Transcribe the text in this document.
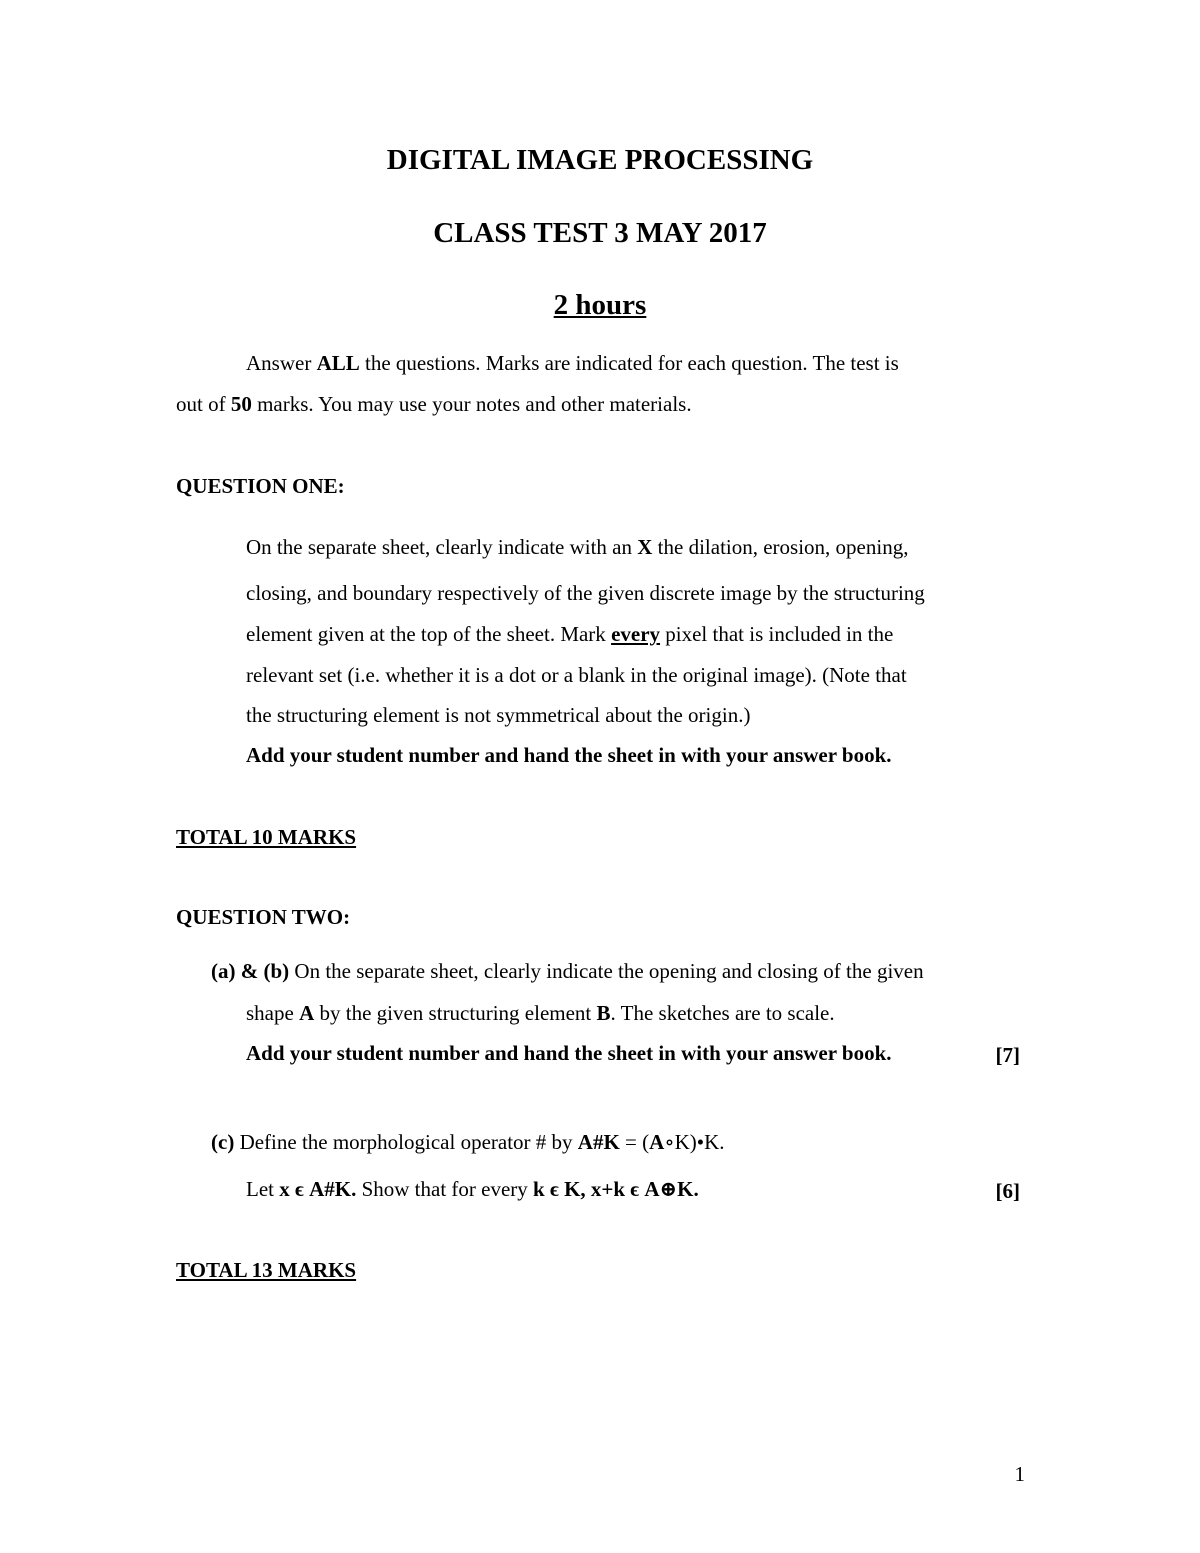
DIGITAL IMAGE PROCESSING
CLASS TEST 3 MAY 2017
2 hours
Answer ALL the questions. Marks are indicated for each question. The test is
out of 50 marks. You may use your notes and other materials.
QUESTION ONE:
On the separate sheet, clearly indicate with an X the dilation, erosion, opening,
closing, and boundary respectively of the given discrete image by the structuring
element given at the top of the sheet. Mark every pixel that is included in the
relevant set (i.e. whether it is a dot or a blank in the original image). (Note that
the structuring element is not symmetrical about the origin.)
Add your student number and hand the sheet in with your answer book.
TOTAL 10 MARKS
QUESTION TWO:
(a) & (b) On the separate sheet, clearly indicate the opening and closing of the given
shape A by the given structuring element B. The sketches are to scale.
Add your student number and hand the sheet in with your answer book.	[7]
(c) Define the morphological operator # by A#K = (A∘K)•K.
Let x ϵ A#K. Show that for every k ϵ K, x+k ϵ A⊕K.	[6]
TOTAL 13 MARKS
1
